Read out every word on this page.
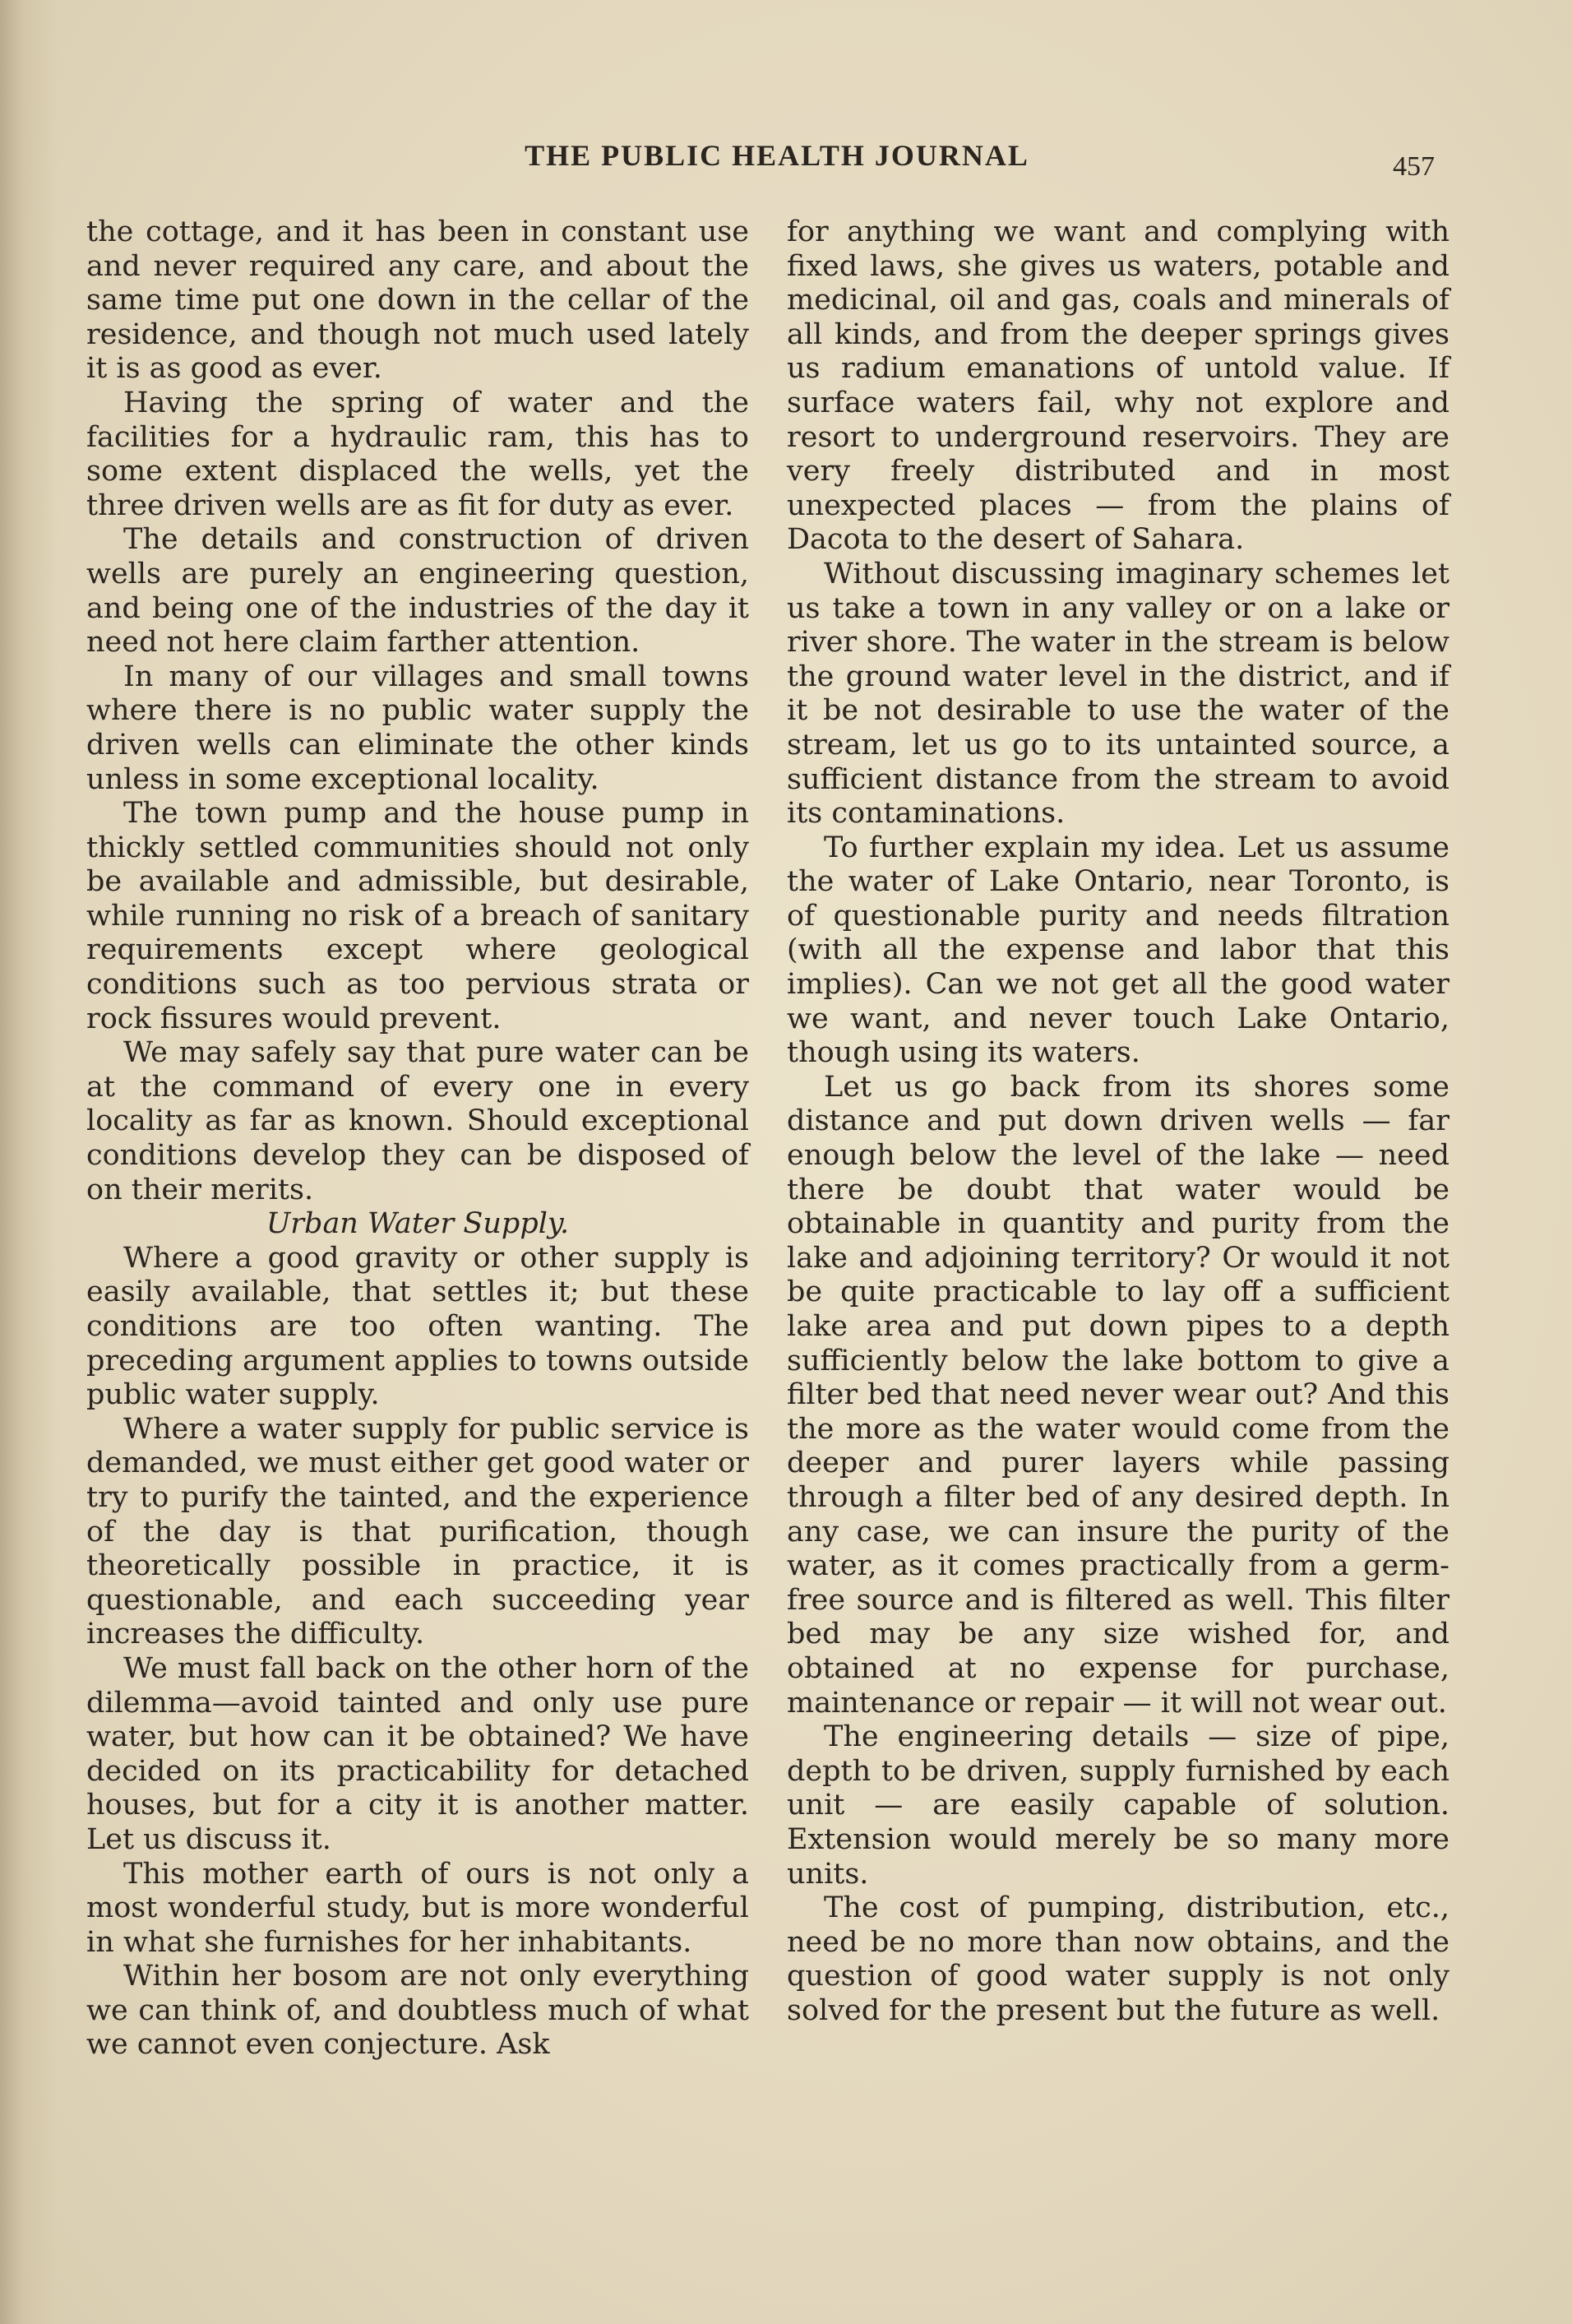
THE PUBLIC HEALTH JOURNAL	457

the cottage, and it has been in constant use and never required any care, and about the same time put one down in the cellar of the residence, and though not much used lately it is as good as ever.

Having the spring of water and the facilities for a hydraulic ram, this has to some extent displaced the wells, yet the three driven wells are as fit for duty as ever.

The details and construction of driven wells are purely an engineering question, and being one of the industries of the day it need not here claim farther attention.

In many of our villages and small towns where there is no public water supply the driven wells can eliminate the other kinds unless in some exceptional locality.

The town pump and the house pump in thickly settled communities should not only be available and admissible, but desirable, while running no risk of a breach of sanitary requirements except where geological conditions such as too pervious strata or rock fissures would prevent.

We may safely say that pure water can be at the command of every one in every locality as far as known. Should exceptional conditions develop they can be disposed of on their merits.

Urban Water Supply.

Where a good gravity or other supply is easily available, that settles it; but these conditions are too often wanting. The preceding argument applies to towns outside public water supply.

Where a water supply for public service is demanded, we must either get good water or try to purify the tainted, and the experience of the day is that purification, though theoretically possible in practice, it is questionable, and each succeeding year increases the difficulty.

We must fall back on the other horn of the dilemma—avoid tainted and only use pure water, but how can it be obtained? We have decided on its practicability for detached houses, but for a city it is another matter. Let us discuss it.

This mother earth of ours is not only a most wonderful study, but is more wonderful in what she furnishes for her inhabitants.

Within her bosom are not only everything we can think of, and doubtless much of what we cannot even conjecture. Ask

for anything we want and complying with fixed laws, she gives us waters, potable and medicinal, oil and gas, coals and minerals of all kinds, and from the deeper springs gives us radium emanations of untold value. If surface waters fail, why not explore and resort to underground reservoirs. They are very freely distributed and in most unexpected places — from the plains of Dacota to the desert of Sahara.

Without discussing imaginary schemes let us take a town in any valley or on a lake or river shore. The water in the stream is below the ground water level in the district, and if it be not desirable to use the water of the stream, let us go to its untainted source, a sufficient distance from the stream to avoid its contaminations.

To further explain my idea. Let us assume the water of Lake Ontario, near Toronto, is of questionable purity and needs filtration (with all the expense and labor that this implies). Can we not get all the good water we want, and never touch Lake Ontario, though using its waters.

Let us go back from its shores some distance and put down driven wells — far enough below the level of the lake — need there be doubt that water would be obtainable in quantity and purity from the lake and adjoining territory? Or would it not be quite practicable to lay off a sufficient lake area and put down pipes to a depth sufficiently below the lake bottom to give a filter bed that need never wear out? And this the more as the water would come from the deeper and purer layers while passing through a filter bed of any desired depth. In any case, we can insure the purity of the water, as it comes practically from a germ-free source and is filtered as well. This filter bed may be any size wished for, and obtained at no expense for purchase, maintenance or repair — it will not wear out.

The engineering details — size of pipe, depth to be driven, supply furnished by each unit — are easily capable of solution. Extension would merely be so many more units.

The cost of pumping, distribution, etc., need be no more than now obtains, and the question of good water supply is not only solved for the present but the future as well.
